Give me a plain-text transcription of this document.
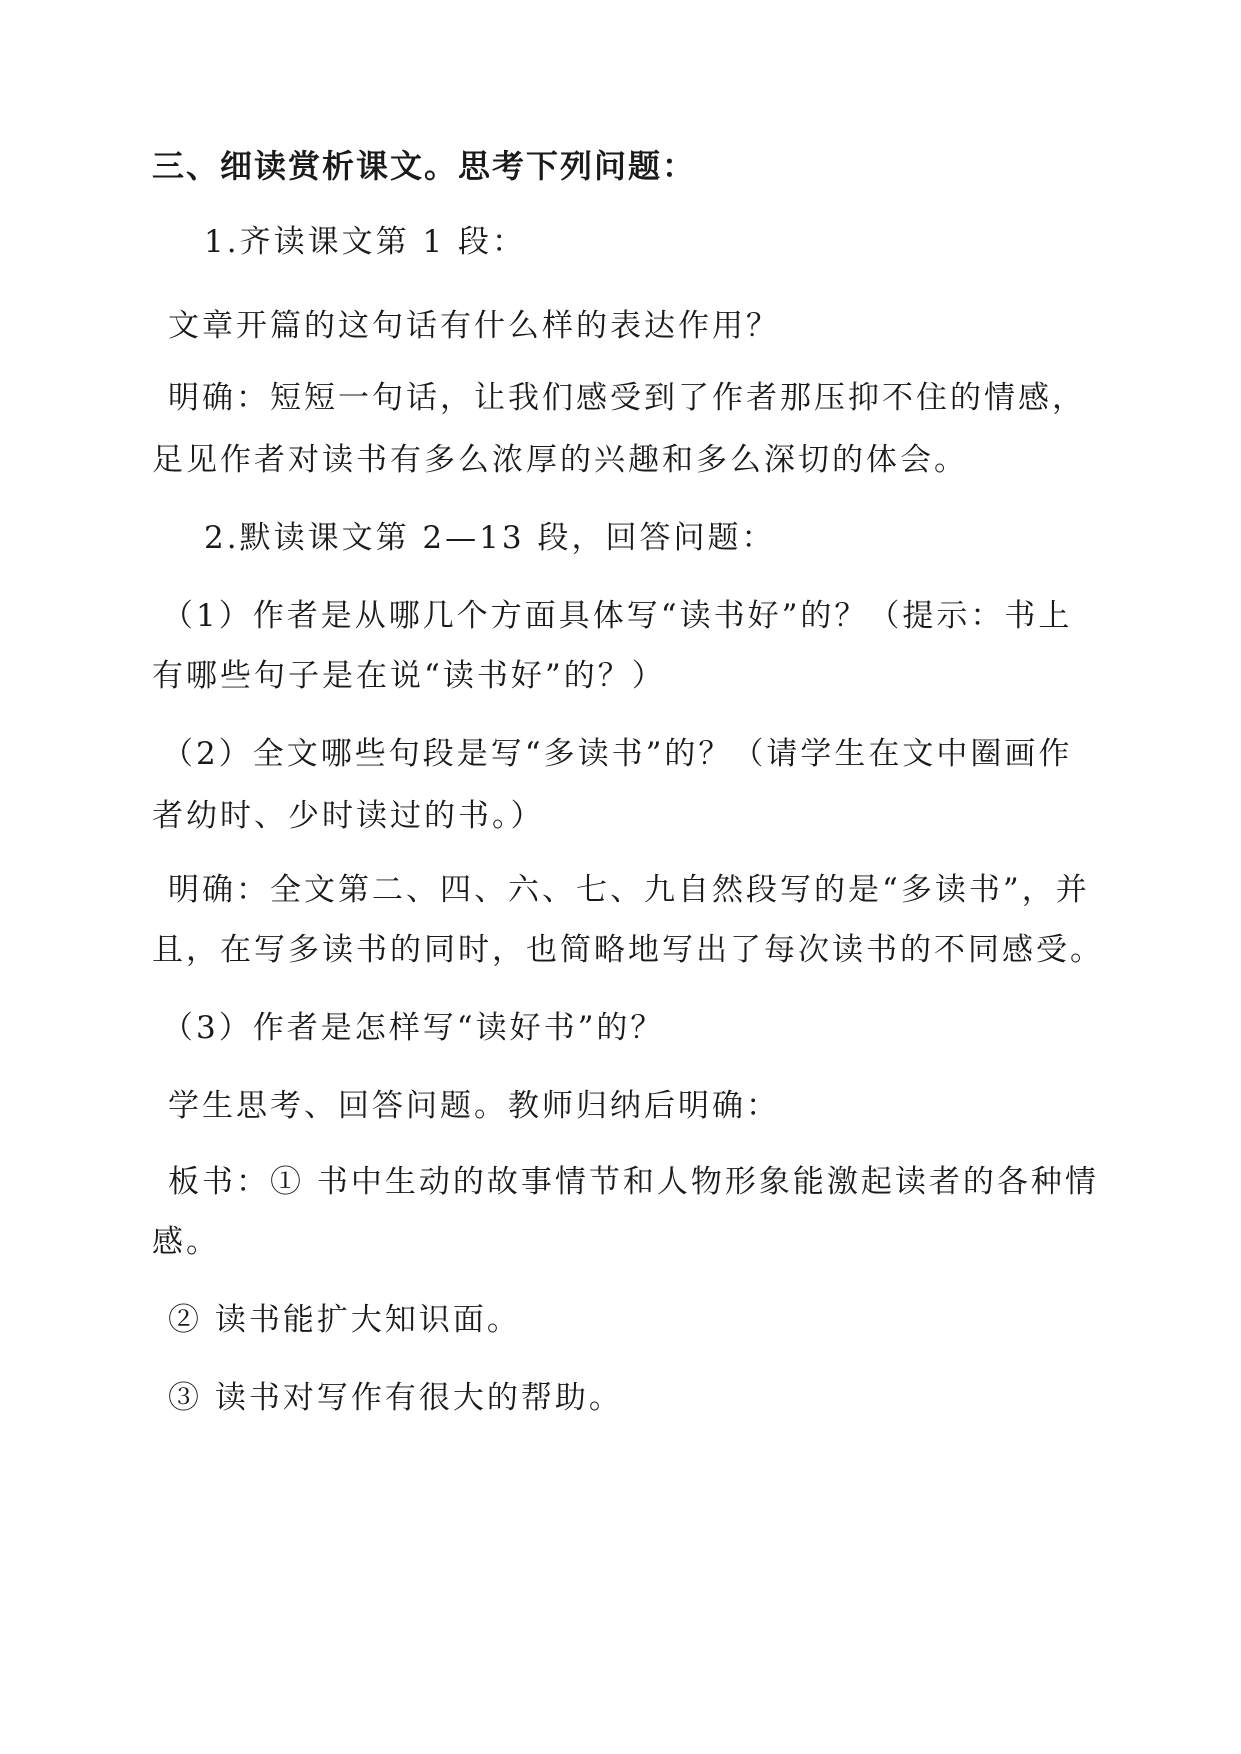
三、细读赏析课文。思考下列问题：
1.齐读课文第 1 段：
文章开篇的这句话有什么样的表达作用？
明确：短短一句话，让我们感受到了作者那压抑不住的情感，
足见作者对读书有多么浓厚的兴趣和多么深切的体会。
2.默读课文第 2—13 段，回答问题：
（1）作者是从哪几个方面具体写“读书好”的？（提示：书上
有哪些句子是在说“读书好”的？）
（2）全文哪些句段是写“多读书”的？（请学生在文中圈画作
者幼时、少时读过的书。）
明确：全文第二、四、六、七、九自然段写的是“多读书”，并
且，在写多读书的同时，也简略地写出了每次读书的不同感受。
（3）作者是怎样写“读好书”的？
学生思考、回答问题。教师归纳后明确：
板书：① 书中生动的故事情节和人物形象能激起读者的各种情
感。
② 读书能扩大知识面。
③ 读书对写作有很大的帮助。
